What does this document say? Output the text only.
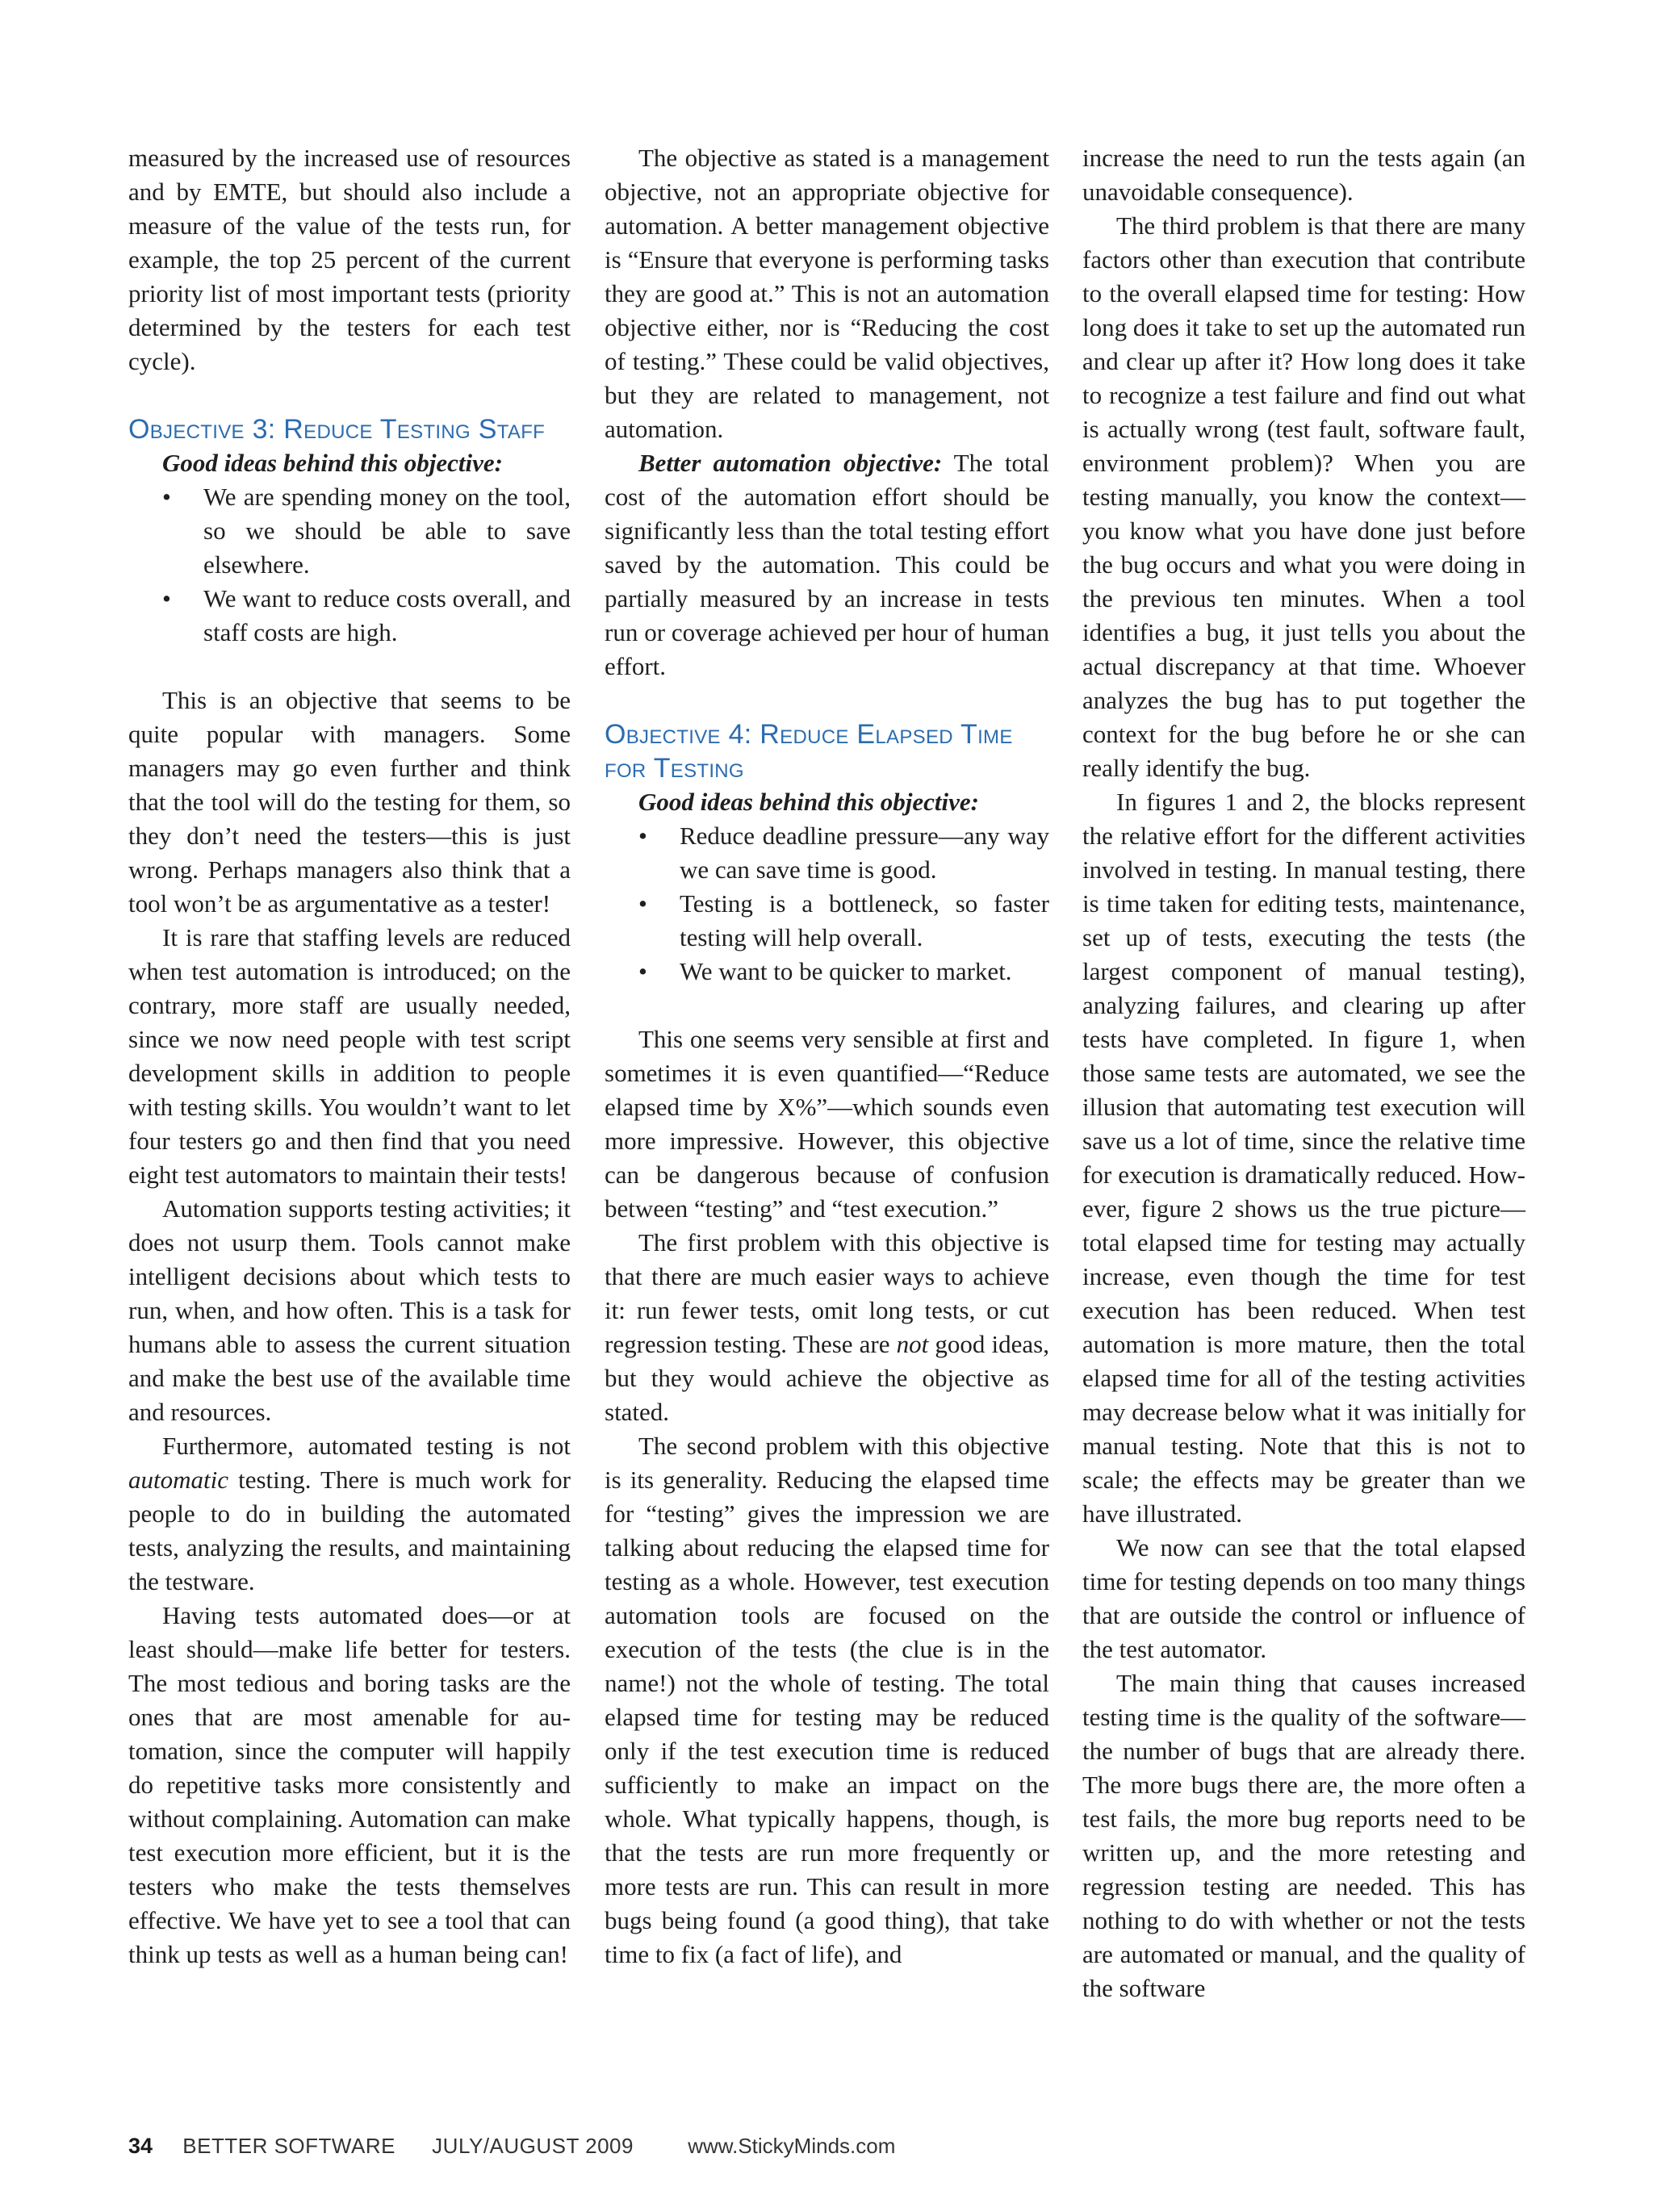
measured by the increased use of resources and by EMTE, but should also include a measure of the value of the tests run, for example, the top 25 percent of the current priority list of most important tests (priority determined by the testers for each test cycle).

Objective 3: Reduce Testing Staff

Good ideas behind this objective:

• We are spending money on the tool, so we should be able to save elsewhere.
• We want to reduce costs overall, and staff costs are high.

This is an objective that seems to be quite popular with managers. Some managers may go even further and think that the tool will do the testing for them, so they don’t need the testers—this is just wrong. Perhaps managers also think that a tool won’t be as argumentative as a tester!

It is rare that staffing levels are reduced when test automation is introduced; on the contrary, more staff are usually needed, since we now need people with test script development skills in addition to people with testing skills. You wouldn’t want to let four testers go and then find that you need eight test automators to maintain their tests!

Automation supports testing activities; it does not usurp them. Tools cannot make intelligent decisions about which tests to run, when, and how often. This is a task for humans able to assess the current situation and make the best use of the available time and resources.

Furthermore, automated testing is not automatic testing. There is much work for people to do in building the automated tests, analyzing the results, and maintaining the testware.

Having tests automated does—or at least should—make life better for testers. The most tedious and boring tasks are the ones that are most amenable for automation, since the computer will happily do repetitive tasks more consistently and without complaining. Automation can make test execution more efficient, but it is the testers who make the tests themselves effective. We have yet to see a tool that can think up tests as well as a human being can!

The objective as stated is a management objective, not an appropriate objective for automation. A better management objective is “Ensure that everyone is performing tasks they are good at.” This is not an automation objective either, nor is “Reducing the cost of testing.” These could be valid objectives, but they are related to management, not automation.

Better automation objective: The total cost of the automation effort should be significantly less than the total testing effort saved by the automation. This could be partially measured by an increase in tests run or coverage achieved per hour of human effort.

Objective 4: Reduce Elapsed Time for Testing

Good ideas behind this objective:

• Reduce deadline pressure—any way we can save time is good.
• Testing is a bottleneck, so faster testing will help overall.
• We want to be quicker to market.

This one seems very sensible at first and sometimes it is even quantified—“Reduce elapsed time by X%”—which sounds even more impressive. However, this objective can be dangerous because of confusion between “testing” and “test execution.”

The first problem with this objective is that there are much easier ways to achieve it: run fewer tests, omit long tests, or cut regression testing. These are not good ideas, but they would achieve the objective as stated.

The second problem with this objective is its generality. Reducing the elapsed time for “testing” gives the impression we are talking about reducing the elapsed time for testing as a whole. However, test execution automation tools are focused on the execution of the tests (the clue is in the name!) not the whole of testing. The total elapsed time for testing may be reduced only if the test execution time is reduced sufficiently to make an impact on the whole. What typically happens, though, is that the tests are run more frequently or more tests are run. This can result in more bugs being found (a good thing), that take time to fix (a fact of life), and

increase the need to run the tests again (an unavoidable consequence).

The third problem is that there are many factors other than execution that contribute to the overall elapsed time for testing: How long does it take to set up the automated run and clear up after it? How long does it take to recognize a test failure and find out what is actually wrong (test fault, software fault, environment problem)? When you are testing manually, you know the context—you know what you have done just before the bug occurs and what you were doing in the previous ten minutes. When a tool identifies a bug, it just tells you about the actual discrepancy at that time. Whoever analyzes the bug has to put together the context for the bug before he or she can really identify the bug.

In figures 1 and 2, the blocks represent the relative effort for the different activities involved in testing. In manual testing, there is time taken for editing tests, maintenance, set up of tests, executing the tests (the largest component of manual testing), analyzing failures, and clearing up after tests have completed. In figure 1, when those same tests are automated, we see the illusion that automating test execution will save us a lot of time, since the relative time for execution is dramatically reduced. However, figure 2 shows us the true picture—total elapsed time for testing may actually increase, even though the time for test execution has been reduced. When test automation is more mature, then the total elapsed time for all of the testing activities may decrease below what it was initially for manual testing. Note that this is not to scale; the effects may be greater than we have illustrated.

We now can see that the total elapsed time for testing depends on too many things that are outside the control or influence of the test automator.

The main thing that causes increased testing time is the quality of the software—the number of bugs that are already there. The more bugs there are, the more often a test fails, the more bug reports need to be written up, and the more retesting and regression testing are needed. This has nothing to do with whether or not the tests are automated or manual, and the quality of the software

34 BETTER SOFTWARE JULY/AUGUST 2009	www.StickyMinds.com
